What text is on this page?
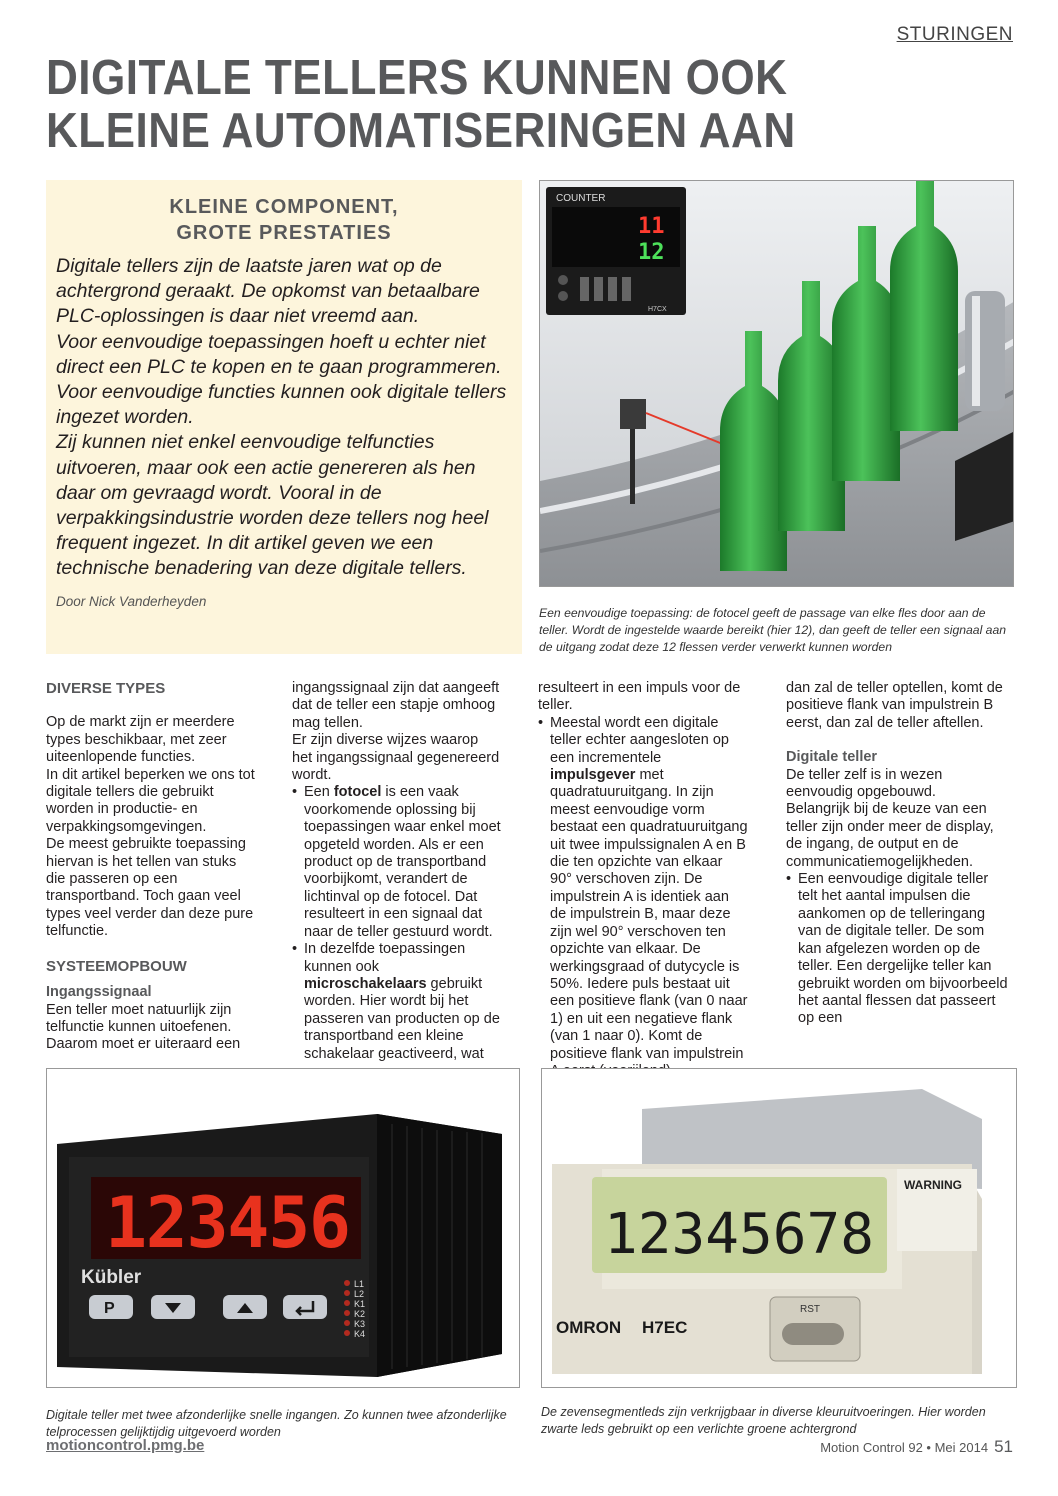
STURINGEN
DIGITALE TELLERS KUNNEN OOK
KLEINE AUTOMATISERINGEN AAN
KLEINE COMPONENT,
GROTE PRESTATIES

Digitale tellers zijn de laatste jaren wat op de achtergrond geraakt. De opkomst van betaalbare PLC-oplossingen is daar niet vreemd aan.

Voor eenvoudige toepassingen hoeft u echter niet direct een PLC te kopen en te gaan programmeren. Voor eenvoudige functies kunnen ook digitale tellers ingezet worden.

Zij kunnen niet enkel eenvoudige telfuncties uitvoeren, maar ook een actie genereren als hen daar om gevraagd wordt. Vooral in de verpakkingsindustrie worden deze tellers nog heel frequent ingezet. In dit artikel geven we een technische benadering van deze digitale tellers.

Door Nick Vanderheyden
COUNTER
11
12
H7CX
Een eenvoudige toepassing: de fotocel geeft de passage van elke fles door aan de teller. Wordt de ingestelde waarde bereikt (hier 12), dan geeft de teller een signaal aan de uitgang zodat deze 12 flessen verder verwerkt kunnen worden
DIVERSE TYPES

Op de markt zijn er meerdere types beschikbaar, met zeer uiteenlopende functies.

In dit artikel beperken we ons tot digitale tellers die gebruikt worden in productie- en verpakkingsomgevingen.

De meest gebruikte toepassing hiervan is het tellen van stuks die passeren op een transportband. Toch gaan veel types veel verder dan deze pure telfunctie.

SYSTEEMOPBOUW
Ingangssignaal

Een teller moet natuurlijk zijn telfunctie kunnen uitoefenen. Daarom moet er uiteraard een

ingangssignaal zijn dat aangeeft dat de teller een stapje omhoog mag tellen.

Er zijn diverse wijzes waarop het ingangssignaal gegenereerd wordt.

• Een fotocel is een vaak voorkomende oplossing bij toepassingen waar enkel moet opgeteld worden. Als er een product op de transportband voorbijkomt, verandert de lichtinval op de fotocel. Dat resulteert in een signaal dat naar de teller gestuurd wordt.

• In dezelfde toepassingen kunnen ook microschakelaars gebruikt worden. Hier wordt bij het passeren van producten op de transportband een kleine schakelaar geactiveerd, wat

resulteert in een impuls voor de teller.

• Meestal wordt een digitale teller echter aangesloten op een incrementele impulsgever met quadratuuruitgang. In zijn meest eenvoudige vorm bestaat een quadratuuruitgang uit twee impulssignalen A en B die ten opzichte van elkaar 90° verschoven zijn. De impulstrein A is identiek aan de impulstrein B, maar deze zijn wel 90° verschoven ten opzichte van elkaar. De werkingsgraad of dutycycle is 50%. Iedere puls bestaat uit een positieve flank (van 0 naar 1) en uit een negatieve flank (van 1 naar 0). Komt de positieve flank van impulstrein

dan zal de teller optellen, komt de positieve flank van impulstrein B eerst, dan zal de teller aftellen.

Digitale teller

De teller zelf is in wezen eenvoudig opgebouwd.

Belangrijk bij de keuze van een teller zijn onder meer de display, de ingang, de output en de communicatiemogelijkheden.

• Een eenvoudige digitale teller telt het aantal impulsen die aankomen op de telleringang van de digitale teller. De som kan afgelezen worden op de teller. Een dergelijke teller kan gebruikt worden om bijvoorbeeld het aantal flessen dat passeert op een

123456
Kübler	L1
L2
K1
K2
K3
K4
P
Digitale teller met twee afzonderlijke snelle ingangen. Zo kunnen twee afzonderlijke telprocessen gelijktijdig uitgevoerd worden
12345678
WARNING
OMRON H7EC
RST
De zevensegmentleds zijn verkrijgbaar in diverse kleuruitvoeringen. Hier worden zwarte leds gebruikt op een verlichte groene achtergrond
motioncontrol.pmg.be	Motion Control 92 • Mei 2014 51
